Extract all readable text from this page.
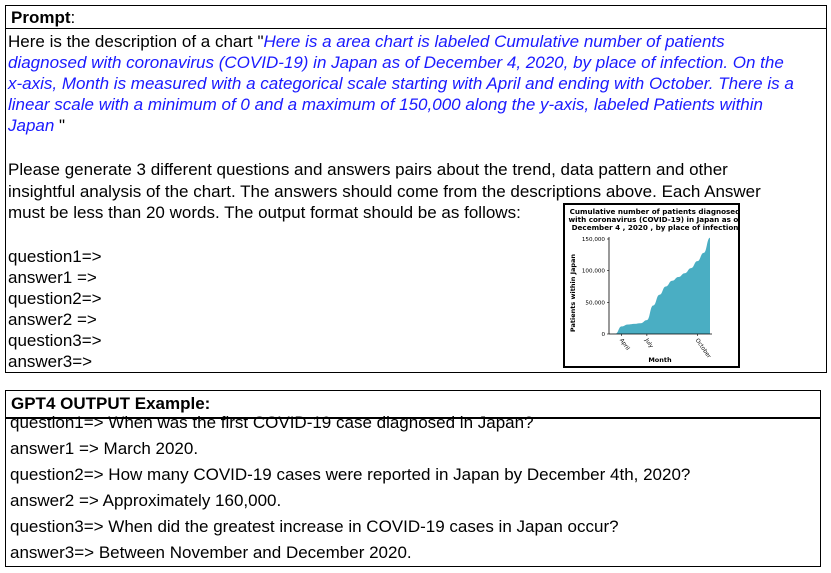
Prompt:
Here is the description of a chart "Here is a area chart is labeled Cumulative number of patients
diagnosed with coronavirus (COVID-19) in Japan as of December 4, 2020, by place of infection. On the
x-axis, Month is measured with a categorical scale starting with April and ending with October. There is a
linear scale with a minimum of 0 and a maximum of 150,000 along the y-axis, labeled Patients within
Japan "
Please generate 3 different questions and answers pairs about the trend, data pattern and other
insightful analysis of the chart. The answers should come from the descriptions above. Each Answer
must be less than 20 words. The output format should be as follows:
question1=>
answer1 =>
question2=>
answer2 =>
question3=>
answer3=>
Cumulative number of patients diagnosed
with coronavirus (COVID-19) in Japan as of
December 4 , 2020 , by place of infection
Patients within Japan
Month
0
50,000
100,000
150,000
April July	October
GPT4 OUTPUT Example:
question1=> When was the first COVID-19 case diagnosed in Japan?
answer1 => March 2020.
question2=> How many COVID-19 cases were reported in Japan by December 4th, 2020?
answer2 => Approximately 160,000.
question3=> When did the greatest increase in COVID-19 cases in Japan occur?
answer3=> Between November and December 2020.
